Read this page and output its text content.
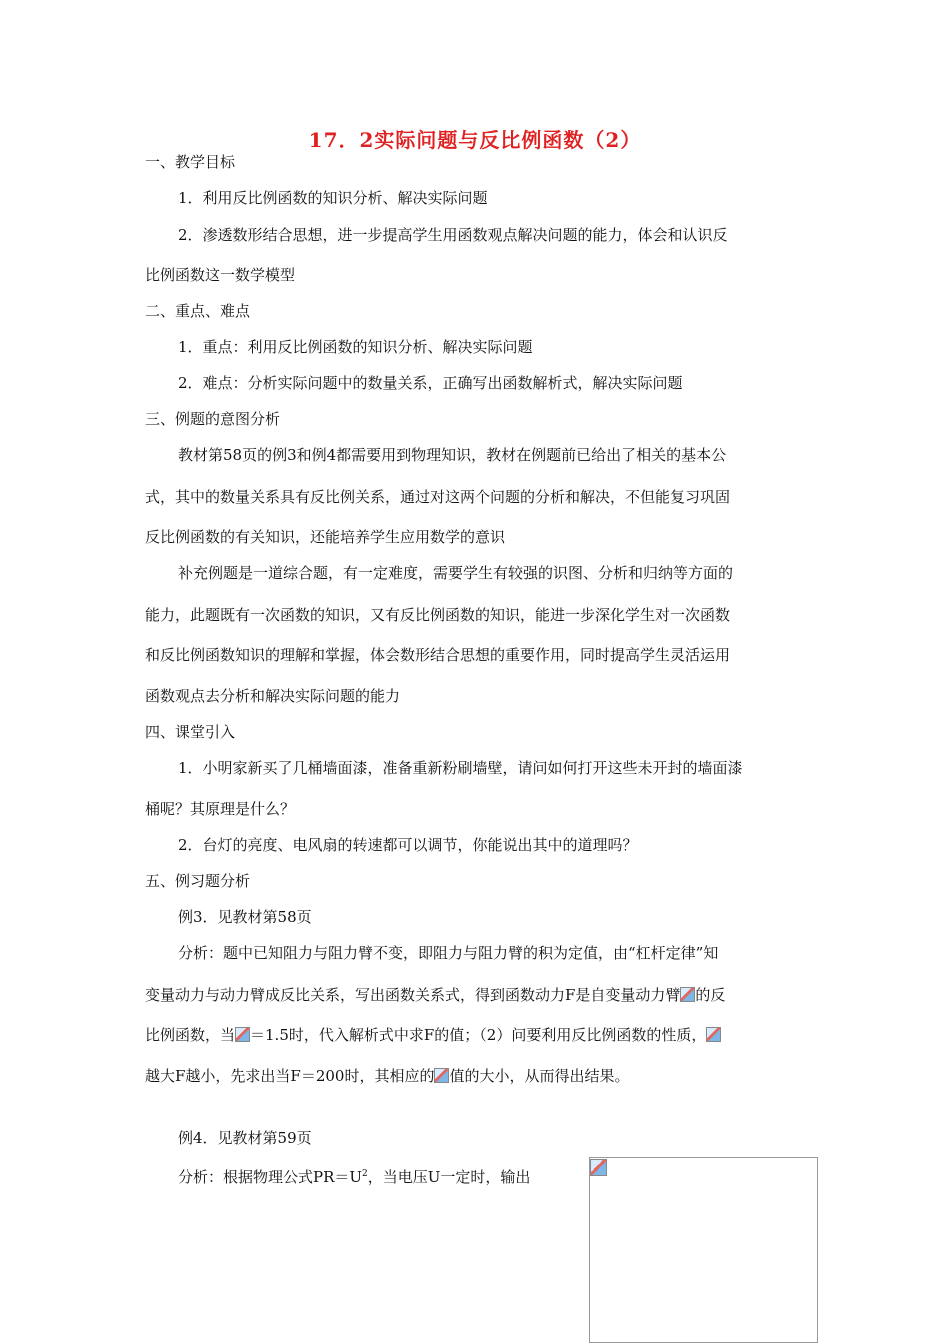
17．2实际问题与反比例函数（2）
一、教学目标
1．利用反比例函数的知识分析、解决实际问题
2．渗透数形结合思想，进一步提高学生用函数观点解决问题的能力，体会和认识反
比例函数这一数学模型
二、重点、难点
1．重点：利用反比例函数的知识分析、解决实际问题
2．难点：分析实际问题中的数量关系，正确写出函数解析式，解决实际问题
三、例题的意图分析
教材第58页的例3和例4都需要用到物理知识，教材在例题前已给出了相关的基本公
式，其中的数量关系具有反比例关系，通过对这两个问题的分析和解决，不但能复习巩固
反比例函数的有关知识，还能培养学生应用数学的意识
补充例题是一道综合题，有一定难度，需要学生有较强的识图、分析和归纳等方面的
能力，此题既有一次函数的知识，又有反比例函数的知识，能进一步深化学生对一次函数
和反比例函数知识的理解和掌握，体会数形结合思想的重要作用，同时提高学生灵活运用
函数观点去分析和解决实际问题的能力
四、课堂引入
1．小明家新买了几桶墙面漆，准备重新粉刷墙壁，请问如何打开这些未开封的墙面漆
桶呢？其原理是什么？
2．台灯的亮度、电风扇的转速都可以调节，你能说出其中的道理吗？
五、例习题分析
例3．见教材第58页
分析：题中已知阻力与阻力臂不变，即阻力与阻力臂的积为定值，由“杠杆定律”知
变量动力与动力臂成反比关系，写出函数关系式，得到函数动力F是自变量动力臂 的反
比例函数，当 ＝1.5时，代入解析式中求F的值；（2）问要利用反比例函数的性质，
越大F越小，先求出当F＝200时，其相应的 值的大小，从而得出结果。
例4．见教材第59页
分析：根据物理公式$PR=U^2$，当电压U一定时，输出
